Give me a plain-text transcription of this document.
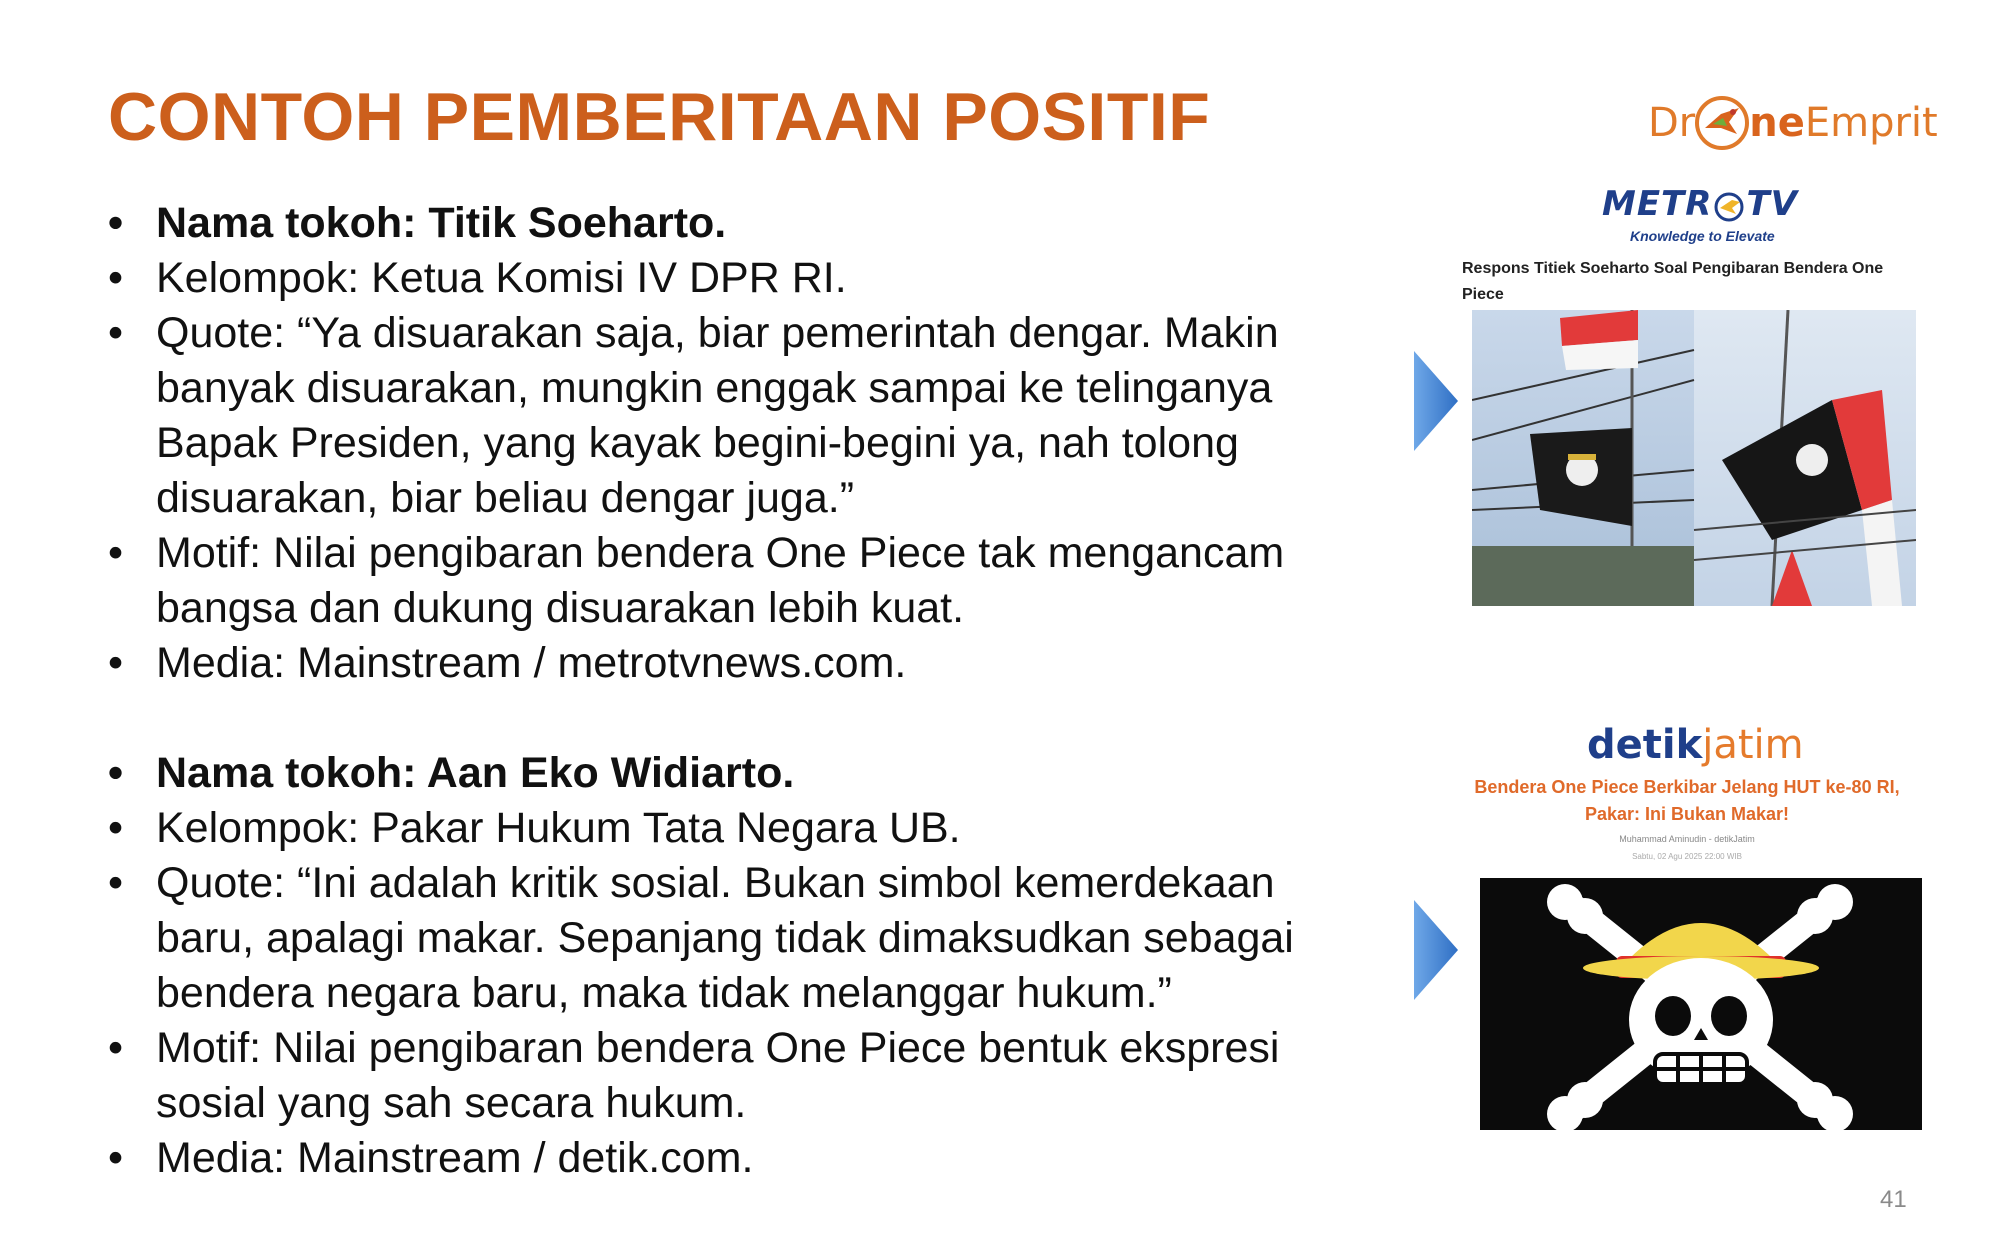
CONTOH PEMBERITAAN POSITIF	Dr ne Emprit
• Nama tokoh: Titik Soeharto.
• Kelompok: Ketua Komisi IV DPR RI.
• Quote: “Ya disuarakan saja, biar pemerintah dengar. Makin banyak disuarakan, mungkin enggak sampai ke telinganya Bapak Presiden, yang kayak begini-begini ya, nah tolong disuarakan, biar beliau dengar juga.”
• Motif: Nilai pengibaran bendera One Piece tak mengancam bangsa dan dukung disuarakan lebih kuat.
• Media: Mainstream / metrotvnews.com.
• Nama tokoh: Aan Eko Widiarto.
• Kelompok: Pakar Hukum Tata Negara UB.
• Quote: “Ini adalah kritik sosial. Bukan simbol kemerdekaan baru, apalagi makar. Sepanjang tidak dimaksudkan sebagai bendera negara baru, maka tidak melanggar hukum.”
• Motif: Nilai pengibaran bendera One Piece bentuk ekspresi sosial yang sah secara hukum.
• Media: Mainstream / detik.com.
METR TV
Knowledge to Elevate
Respons Titiek Soeharto Soal Pengibaran Bendera One Piece
detikjatim
Bendera One Piece Berkibar Jelang HUT ke-80 RI, Pakar: Ini Bukan Makar!
Muhammad Aminudin - detikJatim
Sabtu, 02 Agu 2025 22:00 WIB
41
